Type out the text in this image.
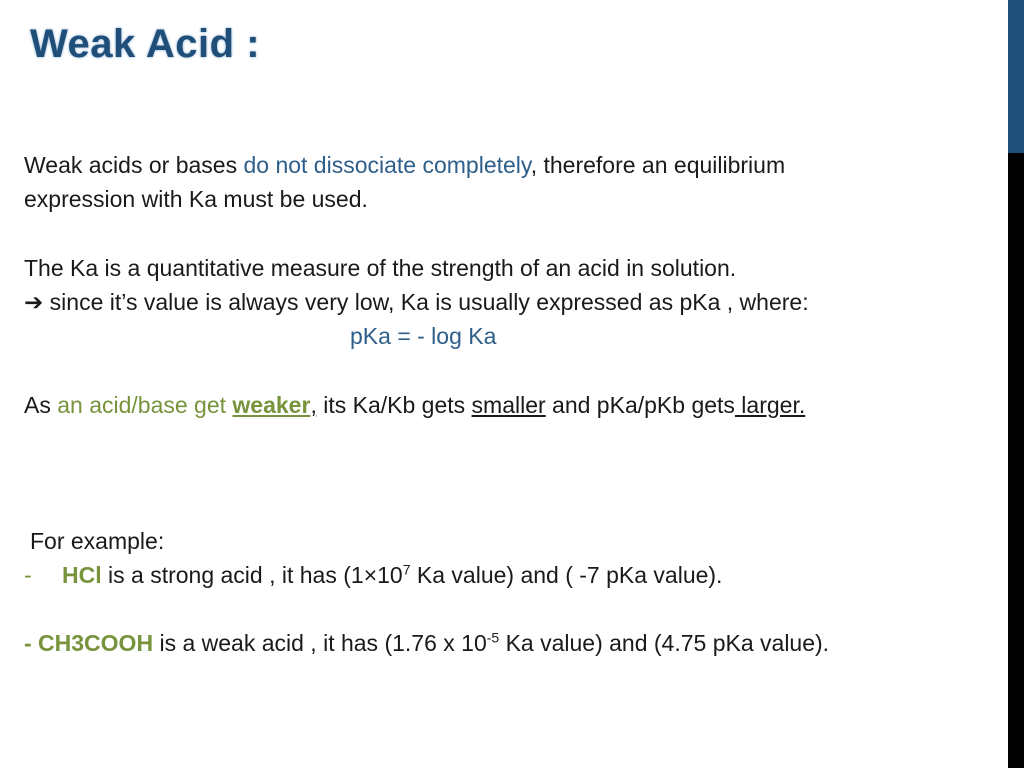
Weak Acid :
Weak acids or bases do not dissociate completely, therefore an equilibrium
expression with Ka must be used.
The Ka is a quantitative measure of the strength of an acid in solution.
➔ since it’s value is always very low, Ka is usually expressed as pKa , where:
pKa = - log Ka
As an acid/base get weaker, its Ka/Kb gets smaller and pKa/pKb gets larger.
For example:
- HCl is a strong acid , it has ($1\times 10^7$ Ka value) and ( -7 pKa value).
- CH3COOH is a weak acid , it has (1.76 x $10^{-5}$ Ka value) and (4.75 pKa value).
